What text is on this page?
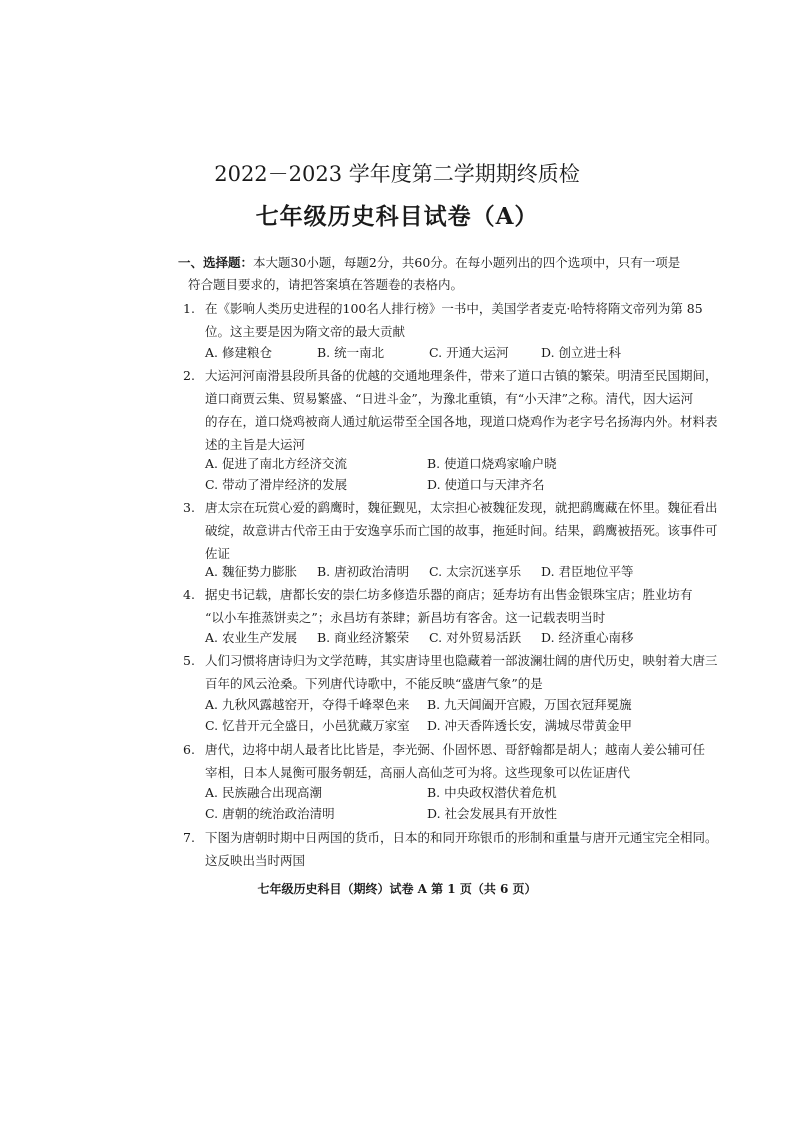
2022－2023 学年度第二学期期终质检
七年级历史科目试卷（A）
一、选择题：本大题30小题，每题2分，共60分。在每小题列出的四个选项中，只有一项是
符合题目要求的，请把答案填在答题卷的表格内。
1. 在《影响人类历史进程的100名人排行榜》一书中，美国学者麦克·哈特将隋文帝列为第 85
位。这主要是因为隋文帝的最大贡献
A. 修建粮仓	B. 统一南北	C. 开通大运河	D. 创立进士科
2. 大运河河南滑县段所具备的优越的交通地理条件，带来了道口古镇的繁荣。明清至民国期间，
道口商贾云集、贸易繁盛、“日进斗金”，为豫北重镇，有“小天津”之称。清代，因大运河
的存在，道口烧鸡被商人通过航运带至全国各地，现道口烧鸡作为老字号名扬海内外。材料表
述的主旨是大运河
A. 促进了南北方经济交流	B. 使道口烧鸡家喻户晓
C. 带动了滑岸经济的发展	D. 使道口与天津齐名
3. 唐太宗在玩赏心爱的鹞鹰时，魏征觐见，太宗担心被魏征发现，就把鹞鹰藏在怀里。魏征看出
破绽，故意讲古代帝王由于安逸享乐而亡国的故事，拖延时间。结果，鹞鹰被捂死。该事件可
佐证
A. 魏征势力膨胀	B. 唐初政治清明	C. 太宗沉迷享乐	D. 君臣地位平等
4. 据史书记载，唐都长安的崇仁坊多修造乐器的商店；延寿坊有出售金银珠宝店；胜业坊有
“以小车推蒸饼卖之”；永昌坊有茶肆；新昌坊有客舍。这一记载表明当时
A. 农业生产发展	B. 商业经济繁荣	C. 对外贸易活跃	D. 经济重心南移
5. 人们习惯将唐诗归为文学范畴，其实唐诗里也隐藏着一部波澜壮阔的唐代历史，映射着大唐三
百年的风云沧桑。下列唐代诗歌中，不能反映“盛唐气象”的是
A. 九秋风露越窑开，夺得千峰翠色来 B. 九天阊阖开宫殿，万国衣冠拜冕旒
C. 忆昔开元全盛日，小邑犹藏万家室 D. 冲天香阵透长安，满城尽带黄金甲
6. 唐代，边将中胡人最者比比皆是，李光弼、仆固怀恩、哥舒翰都是胡人；越南人姜公辅可任
宰相，日本人晁衡可服务朝廷，高丽人高仙芝可为将。这些现象可以佐证唐代
A. 民族融合出现高潮	B. 中央政权潜伏着危机
C. 唐朝的统治政治清明	D. 社会发展具有开放性
7. 下图为唐朝时期中日两国的货币，日本的和同开珎银币的形制和重量与唐开元通宝完全相同。
这反映出当时两国
七年级历史科目（期终）试卷 A 第 1 页（共 6 页）
